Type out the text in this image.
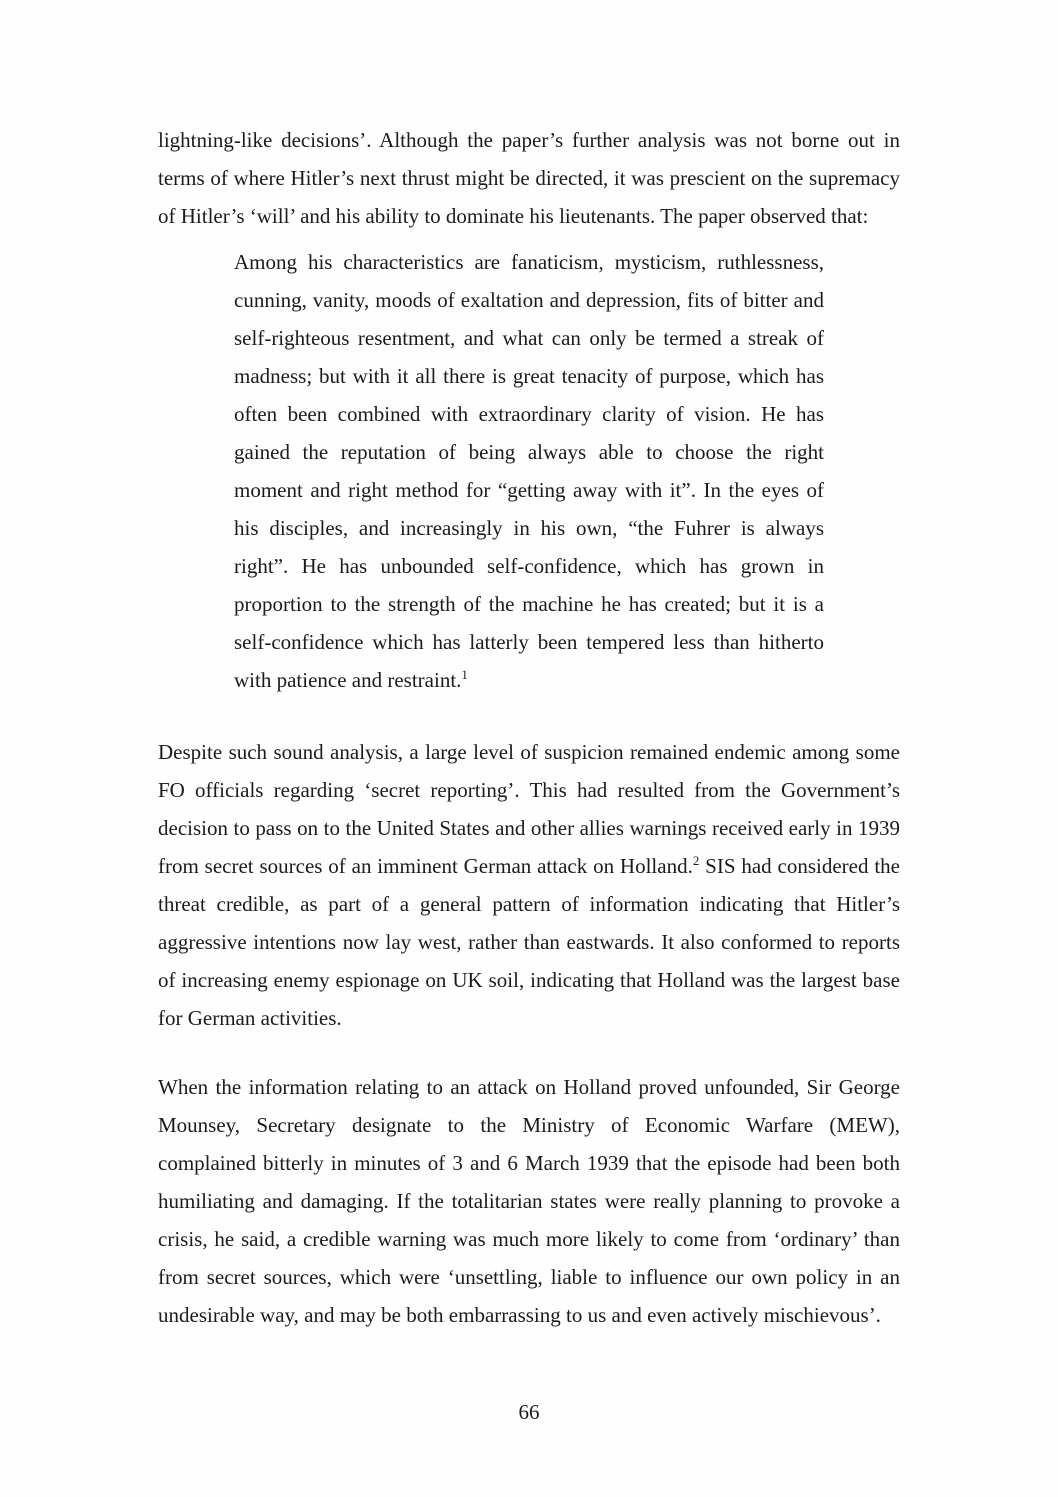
lightning-like decisions’. Although the paper’s further analysis was not borne out in terms of where Hitler’s next thrust might be directed, it was prescient on the supremacy of Hitler’s ‘will’ and his ability to dominate his lieutenants. The paper observed that:

Among his characteristics are fanaticism, mysticism, ruthlessness, cunning, vanity, moods of exaltation and depression, fits of bitter and self-righteous resentment, and what can only be termed a streak of madness; but with it all there is great tenacity of purpose, which has often been combined with extraordinary clarity of vision. He has gained the reputation of being always able to choose the right moment and right method for “getting away with it”. In the eyes of his disciples, and increasingly in his own, “the Fuhrer is always right”. He has unbounded self-confidence, which has grown in proportion to the strength of the machine he has created; but it is a self-confidence which has latterly been tempered less than hitherto with patience and restraint.$^1$

Despite such sound analysis, a large level of suspicion remained endemic among some FO officials regarding ‘secret reporting’. This had resulted from the Government’s decision to pass on to the United States and other allies warnings received early in 1939 from secret sources of an imminent German attack on Holland.$^2$ SIS had considered the threat credible, as part of a general pattern of information indicating that Hitler’s aggressive intentions now lay west, rather than eastwards. It also conformed to reports of increasing enemy espionage on UK soil, indicating that Holland was the largest base for German activities.

When the information relating to an attack on Holland proved unfounded, Sir George Mounsey, Secretary designate to the Ministry of Economic Warfare (MEW), complained bitterly in minutes of 3 and 6 March 1939 that the episode had been both humiliating and damaging. If the totalitarian states were really planning to provoke a crisis, he said, a credible warning was much more likely to come from ‘ordinary’ than from secret sources, which were ‘unsettling, liable to influence our own policy in an undesirable way, and may be both embarrassing to us and even actively mischievous’.

66
